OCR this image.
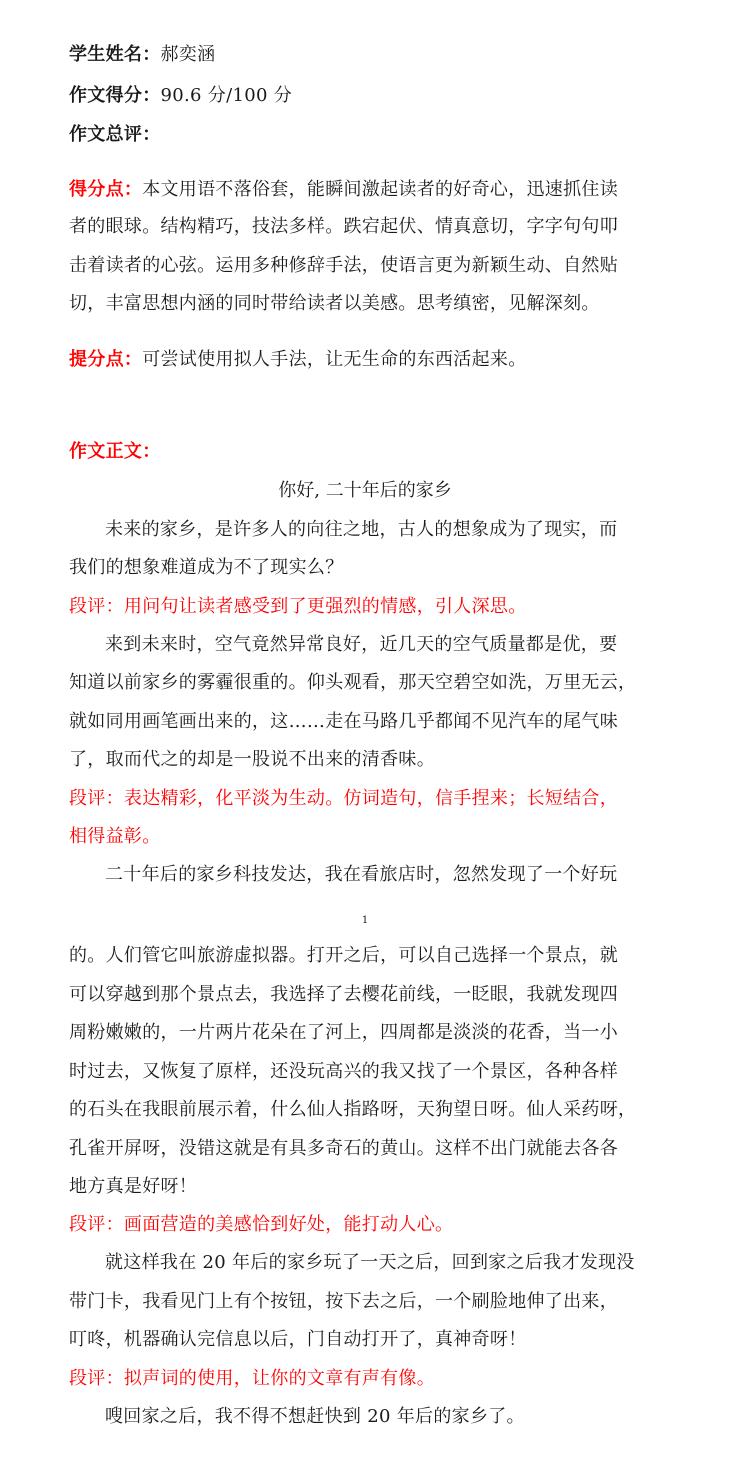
学生姓名：郝奕涵
作文得分：90.6 分/100 分
作文总评：
得分点：本文用语不落俗套，能瞬间激起读者的好奇心，迅速抓住读
者的眼球。结构精巧，技法多样。跌宕起伏、情真意切，字字句句叩
击着读者的心弦。运用多种修辞手法，使语言更为新颖生动、自然贴
切，丰富思想内涵的同时带给读者以美感。思考缜密，见解深刻。
提分点：可尝试使用拟人手法，让无生命的东西活起来。
作文正文：
你好, 二十年后的家乡
未来的家乡，是许多人的向往之地，古人的想象成为了现实，而
我们的想象难道成为不了现实么？
段评：用问句让读者感受到了更强烈的情感，引人深思。
来到未来时，空气竟然异常良好，近几天的空气质量都是优，要
知道以前家乡的雾霾很重的。仰头观看，那天空碧空如洗，万里无云，
就如同用画笔画出来的，这……走在马路几乎都闻不见汽车的尾气味
了，取而代之的却是一股说不出来的清香味。
段评：表达精彩，化平淡为生动。仿词造句，信手捏来；长短结合，
相得益彰。
二十年后的家乡科技发达，我在看旅店时，忽然发现了一个好玩
1
的。人们管它叫旅游虚拟器。打开之后，可以自己选择一个景点，就
可以穿越到那个景点去，我选择了去樱花前线，一眨眼，我就发现四
周粉嫩嫩的，一片两片花朵在了河上，四周都是淡淡的花香，当一小
时过去，又恢复了原样，还没玩高兴的我又找了一个景区，各种各样
的石头在我眼前展示着，什么仙人指路呀，天狗望日呀。仙人采药呀，
孔雀开屏呀，没错这就是有具多奇石的黄山。这样不出门就能去各各
地方真是好呀！
段评：画面营造的美感恰到好处，能打动人心。
就这样我在 20 年后的家乡玩了一天之后，回到家之后我才发现没
带门卡，我看见门上有个按钮，按下去之后，一个刷脸地伸了出来，
叮咚，机器确认完信息以后，门自动打开了，真神奇呀！
段评：拟声词的使用，让你的文章有声有像。
嗖回家之后，我不得不想赶快到 20 年后的家乡了。
